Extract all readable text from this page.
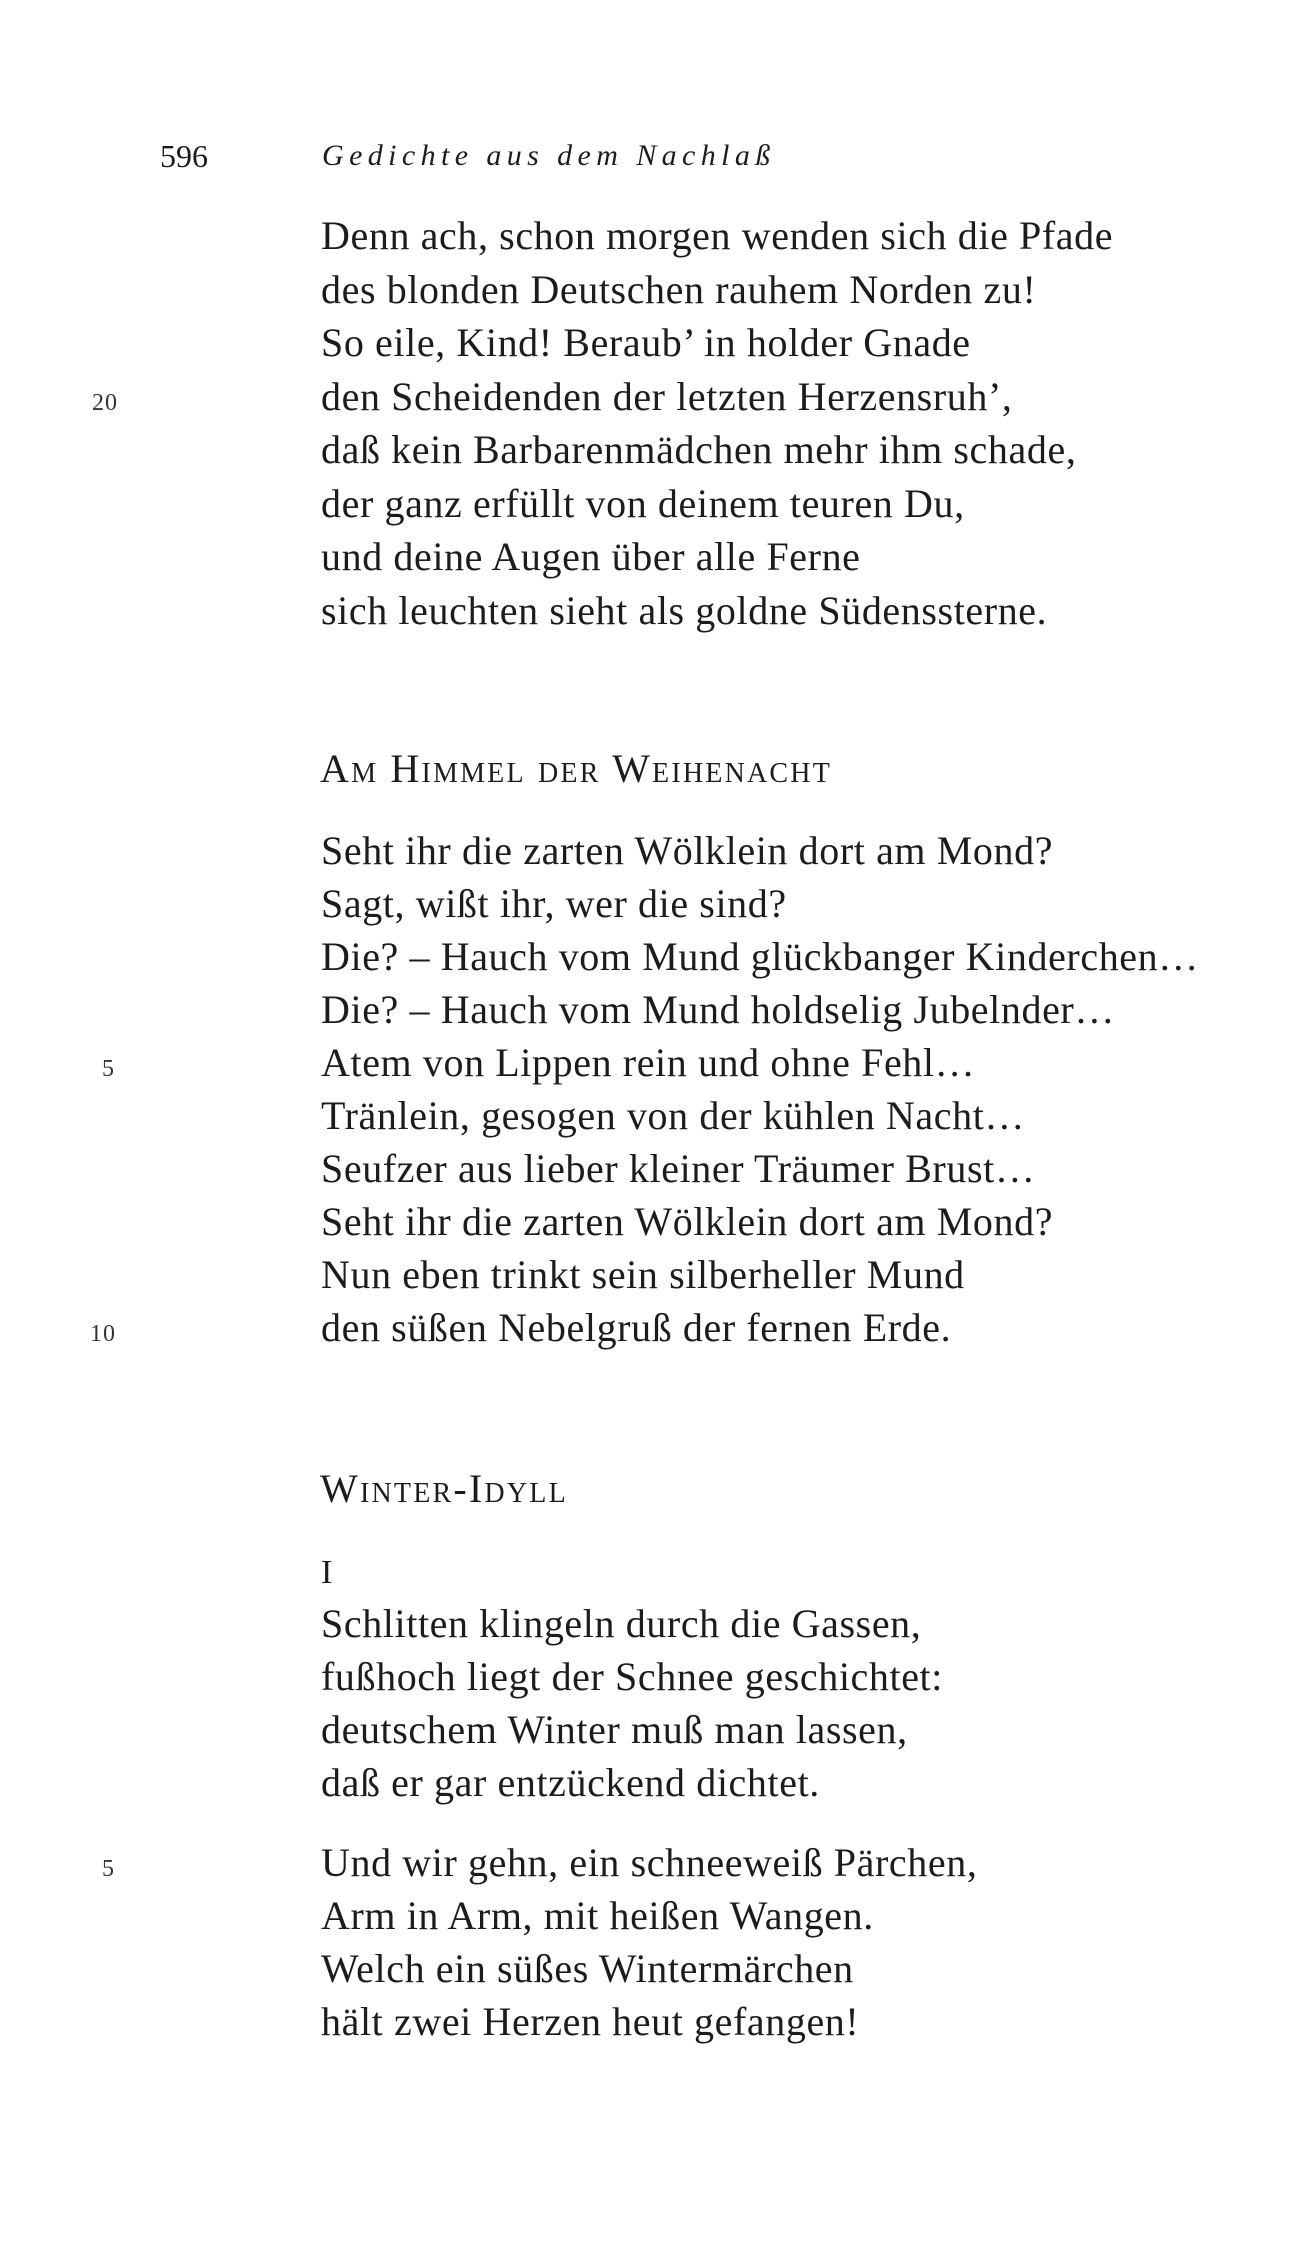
596	Gedichte aus dem Nachlaß
Denn ach, schon morgen wenden sich die Pfade
des blonden Deutschen rauhem Norden zu!
So eile, Kind! Beraub’ in holder Gnade
20	den Scheidenden der letzten Herzensruh’,
daß kein Barbarenmädchen mehr ihm schade,
der ganz erfüllt von deinem teuren Du,
und deine Augen über alle Ferne
sich leuchten sieht als goldne Südenssterne.
Am Himmel der Weihenacht
Seht ihr die zarten Wölklein dort am Mond?
Sagt, wißt ihr, wer die sind?
Die? – Hauch vom Mund glückbanger Kinderchen…
Die? – Hauch vom Mund holdselig Jubelnder…
5	Atem von Lippen rein und ohne Fehl…
Tränlein, gesogen von der kühlen Nacht…
Seufzer aus lieber kleiner Träumer Brust…
Seht ihr die zarten Wölklein dort am Mond?
Nun eben trinkt sein silberheller Mund
10	den süßen Nebelgruß der fernen Erde.
Winter-Idyll
I
Schlitten klingeln durch die Gassen,
fußhoch liegt der Schnee geschichtet:
deutschem Winter muß man lassen,
daß er gar entzückend dichtet.
5	Und wir gehn, ein schneeweiß Pärchen,
Arm in Arm, mit heißen Wangen.
Welch ein süßes Wintermärchen
hält zwei Herzen heut gefangen!
